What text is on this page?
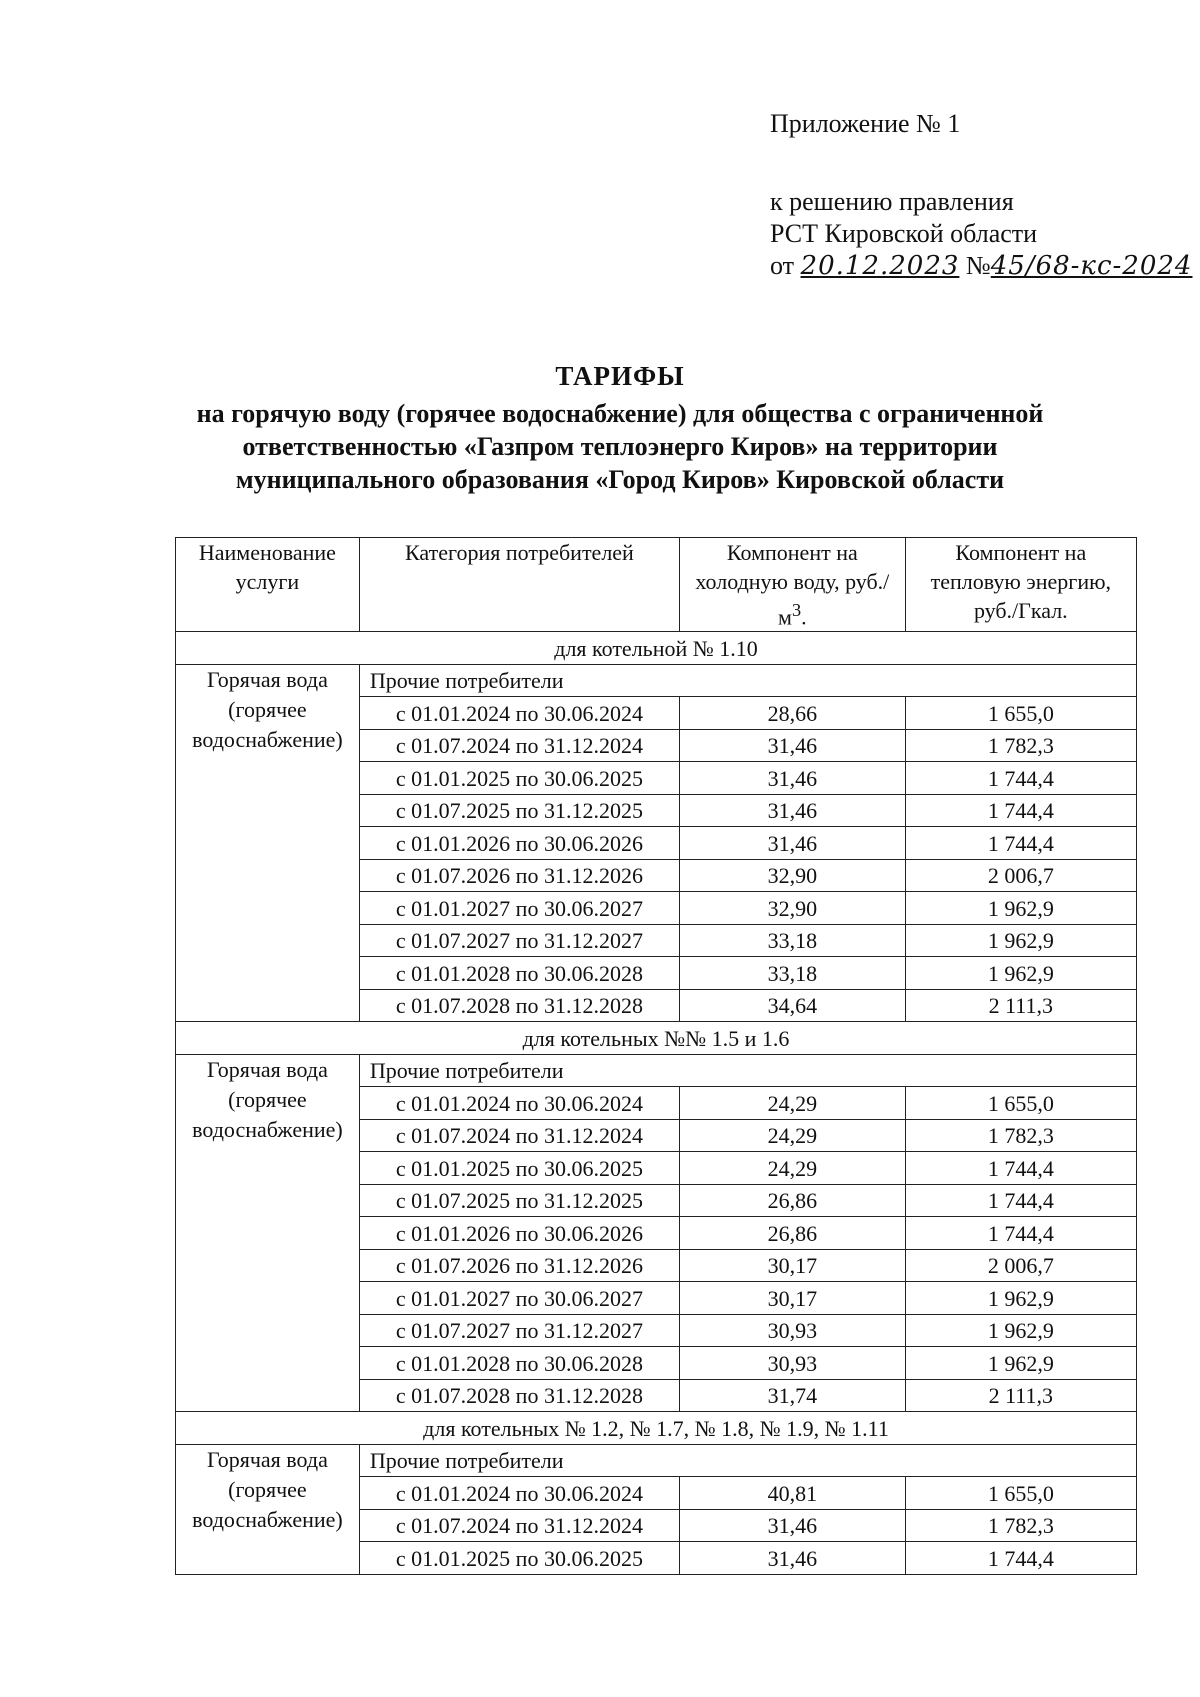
Приложение № 1
к решению правления
РСТ Кировской области
от 20.12.2023 №45/68-кс-2024
ТАРИФЫ
на горячую воду (горячее водоснабжение) для общества с ограниченной
ответственностью «Газпром теплоэнерго Киров» на территории
муниципального образования «Город Киров» Кировской области
Наименование услуги	Категория потребителей	Компонент на холодную воду, $руб./м^3$.	Компонент на тепловую энергию, руб./Гкал.
для котельной № 1.10			
Горячая вода (горячее водоснабжение)	Прочие потребители		
	с 01.01.2024 по 30.06.2024	28,66	1 655,0
	с 01.07.2024 по 31.12.2024	31,46	1 782,3
	с 01.01.2025 по 30.06.2025	31,46	1 744,4
	с 01.07.2025 по 31.12.2025	31,46	1 744,4
	с 01.01.2026 по 30.06.2026	31,46	1 744,4
	с 01.07.2026 по 31.12.2026	32,90	2 006,7
	с 01.01.2027 по 30.06.2027	32,90	1 962,9
	с 01.07.2027 по 31.12.2027	33,18	1 962,9
	с 01.01.2028 по 30.06.2028	33,18	1 962,9
	с 01.07.2028 по 31.12.2028	34,64	2 111,3
для котельных №№ 1.5 и 1.6			
Горячая вода (горячее водоснабжение)	Прочие потребители		
	с 01.01.2024 по 30.06.2024	24,29	1 655,0
	с 01.07.2024 по 31.12.2024	24,29	1 782,3
	с 01.01.2025 по 30.06.2025	24,29	1 744,4
	с 01.07.2025 по 31.12.2025	26,86	1 744,4
	с 01.01.2026 по 30.06.2026	26,86	1 744,4
	с 01.07.2026 по 31.12.2026	30,17	2 006,7
	с 01.01.2027 по 30.06.2027	30,17	1 962,9
	с 01.07.2027 по 31.12.2027	30,93	1 962,9
	с 01.01.2028 по 30.06.2028	30,93	1 962,9
	с 01.07.2028 по 31.12.2028	31,74	2 111,3
для котельных № 1.2, № 1.7, № 1.8, № 1.9, № 1.11			
Горячая вода (горячее водоснабжение)	Прочие потребители		
	с 01.01.2024 по 30.06.2024	40,81	1 655,0
	с 01.07.2024 по 31.12.2024	31,46	1 782,3
	с 01.01.2025 по 30.06.2025	31,46	1 744,4
